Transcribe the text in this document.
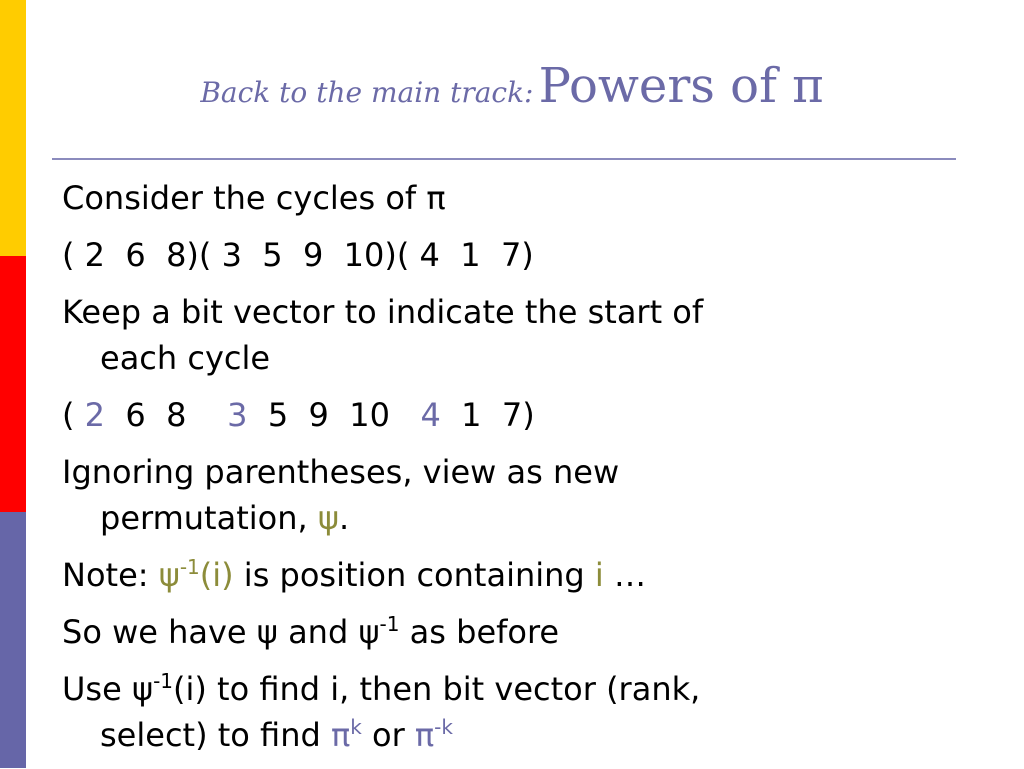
Back to the main track: Powers of π

Consider the cycles of π

( 2  6  8)( 3  5  9  10)( 4  1  7)

Keep a bit vector to indicate the start of
each cycle

( 2  6  8    3  5  9  10   4  1  7)

Ignoring parentheses, view as new
permutation, ψ.

Note: $\psi^{-1}(i)$ is position containing i …

So we have ψ and $\psi^{-1}$ as before

Use $\psi^{-1}(i)$ to find i, then bit vector (rank,
select) to find $\pi^k$ or $\pi^{-k}$
